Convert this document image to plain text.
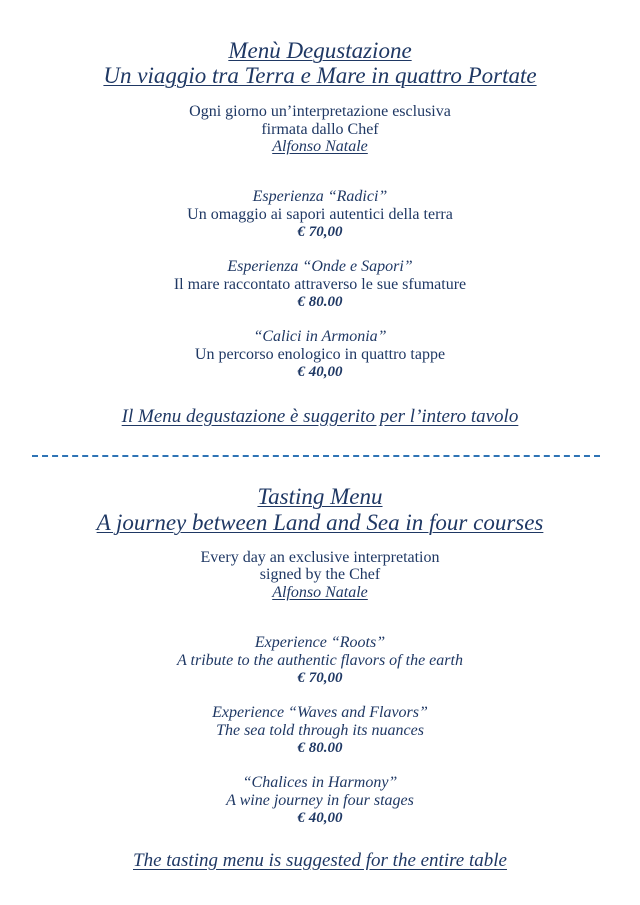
Menù Degustazione
Un viaggio tra Terra e Mare in quattro Portate
Ogni giorno un’interpretazione esclusiva
firmata dallo Chef
Alfonso Natale
Esperienza “Radici”
Un omaggio ai sapori autentici della terra
€ 70,00
Esperienza “Onde e Sapori”
Il mare raccontato attraverso le sue sfumature
€ 80.00
“Calici in Armonia”
Un percorso enologico in quattro tappe
€ 40,00
Il Menu degustazione è suggerito per l’intero tavolo
Tasting Menu
A journey between Land and Sea in four courses
Every day an exclusive interpretation
signed by the Chef
Alfonso Natale
Experience “Roots”
A tribute to the authentic flavors of the earth
€ 70,00
Experience “Waves and Flavors”
The sea told through its nuances
€ 80.00
“Chalices in Harmony”
A wine journey in four stages
€ 40,00
The tasting menu is suggested for the entire table
